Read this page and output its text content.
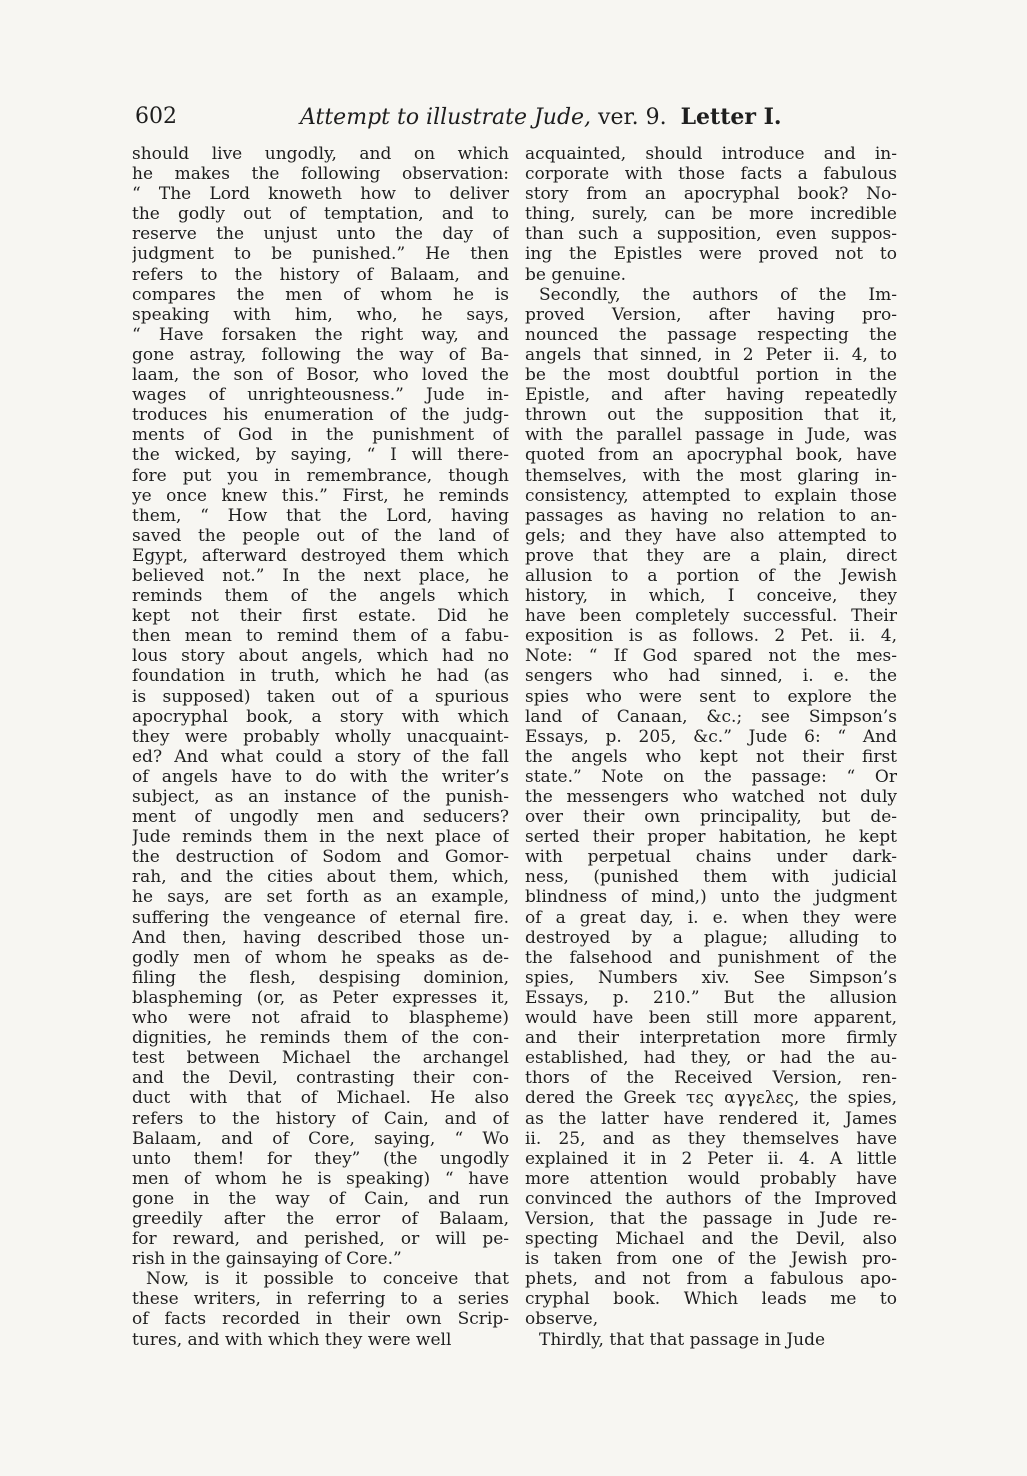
602	Attempt to illustrate Jude, ver. 9. Letter I.
should live ungodly, and on which
he makes the following observation:
“ The Lord knoweth how to deliver
the godly out of temptation, and to
reserve the unjust unto the day of
judgment to be punished.” He then
refers to the history of Balaam, and
compares the men of whom he is
speaking with him, who, he says,
“ Have forsaken the right way, and
gone astray, following the way of Ba-
laam, the son of Bosor, who loved the
wages of unrighteousness.” Jude in-
troduces his enumeration of the judg-
ments of God in the punishment of
the wicked, by saying, “ I will there-
fore put you in remembrance, though
ye once knew this.” First, he reminds
them, “ How that the Lord, having
saved the people out of the land of
Egypt, afterward destroyed them which
believed not.” In the next place, he
reminds them of the angels which
kept not their first estate. Did he
then mean to remind them of a fabu-
lous story about angels, which had no
foundation in truth, which he had (as
is supposed) taken out of a spurious
apocryphal book, a story with which
they were probably wholly unacquaint-
ed? And what could a story of the fall
of angels have to do with the writer’s
subject, as an instance of the punish-
ment of ungodly men and seducers?
Jude reminds them in the next place of
the destruction of Sodom and Gomor-
rah, and the cities about them, which,
he says, are set forth as an example,
suffering the vengeance of eternal fire.
And then, having described those un-
godly men of whom he speaks as de-
filing the flesh, despising dominion,
blaspheming (or, as Peter expresses it,
who were not afraid to blaspheme)
dignities, he reminds them of the con-
test between Michael the archangel
and the Devil, contrasting their con-
duct with that of Michael. He also
refers to the history of Cain, and of
Balaam, and of Core, saying, “ Wo
unto them! for they” (the ungodly
men of whom he is speaking) “ have
gone in the way of Cain, and run
greedily after the error of Balaam,
for reward, and perished, or will pe-
rish in the gainsaying of Core.”
Now, is it possible to conceive that
these writers, in referring to a series
of facts recorded in their own Scrip-
tures, and with which they were well
acquainted, should introduce and in-
corporate with those facts a fabulous
story from an apocryphal book? No-
thing, surely, can be more incredible
than such a supposition, even suppos-
ing the Epistles were proved not to
be genuine.
Secondly, the authors of the Im-
proved Version, after having pro-
nounced the passage respecting the
angels that sinned, in 2 Peter ii. 4, to
be the most doubtful portion in the
Epistle, and after having repeatedly
thrown out the supposition that it,
with the parallel passage in Jude, was
quoted from an apocryphal book, have
themselves, with the most glaring in-
consistency, attempted to explain those
passages as having no relation to an-
gels; and they have also attempted to
prove that they are a plain, direct
allusion to a portion of the Jewish
history, in which, I conceive, they
have been completely successful. Their
exposition is as follows. 2 Pet. ii. 4,
Note: “ If God spared not the mes-
sengers who had sinned, i. e. the
spies who were sent to explore the
land of Canaan, &c.; see Simpson’s
Essays, p. 205, &c.” Jude 6: “ And
the angels who kept not their first
state.” Note on the passage: “ Or
the messengers who watched not duly
over their own principality, but de-
serted their proper habitation, he kept
with perpetual chains under dark-
ness, (punished them with judicial
blindness of mind,) unto the judgment
of a great day, i. e. when they were
destroyed by a plague; alluding to
the falsehood and punishment of the
spies, Numbers xiv. See Simpson’s
Essays, p. 210.” But the allusion
would have been still more apparent,
and their interpretation more firmly
established, had they, or had the au-
thors of the Received Version, ren-
dered the Greek τες αγγελες, the spies,
as the latter have rendered it, James
ii. 25, and as they themselves have
explained it in 2 Peter ii. 4. A little
more attention would probably have
convinced the authors of the Improved
Version, that the passage in Jude re-
specting Michael and the Devil, also
is taken from one of the Jewish pro-
phets, and not from a fabulous apo-
cryphal book. Which leads me to
observe,
Thirdly, that that passage in Jude
